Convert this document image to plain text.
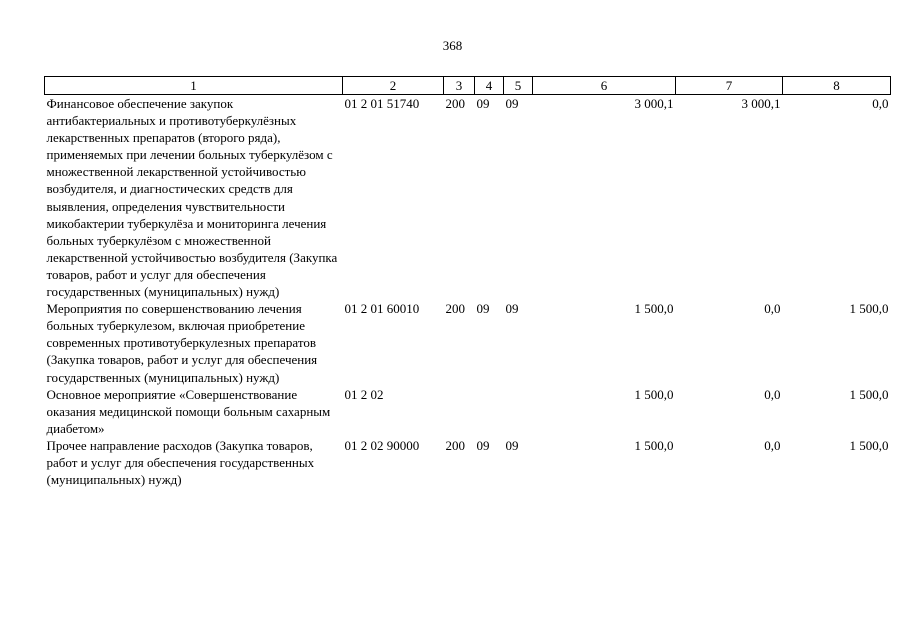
368
1	2	3	4	5	6	7	8
Финансовое обеспечение закупок антибактериальных и противотуберкулёзных лекарственных препаратов (второго ряда), применяемых при лечении больных туберкулёзом с множественной лекарственной устойчивостью возбудителя, и диагностических средств для выявления, определения чувствительности микобактерии туберкулёза и мониторинга лечения больных туберкулёзом с множественной лекарственной устойчивостью возбудителя (Закупка товаров, работ и услуг для обеспечения государственных (муниципальных) нужд)	01 2 01 51740	200	09	09	3 000,1	3 000,1	0,0
Мероприятия по совершенствованию лечения больных туберкулезом, включая приобретение современных противотуберкулезных препаратов (Закупка товаров, работ и услуг для обеспечения государственных (муниципальных) нужд)	01 2 01 60010	200	09	09	1 500,0	0,0	1 500,0
Основное мероприятие «Совершенствование оказания медицинской помощи больным сахарным диабетом»	01 2 02				1 500,0	0,0	1 500,0
Прочее направление расходов (Закупка товаров, работ и услуг для обеспечения государственных (муниципальных) нужд)	01 2 02 90000	200	09	09	1 500,0	0,0	1 500,0
